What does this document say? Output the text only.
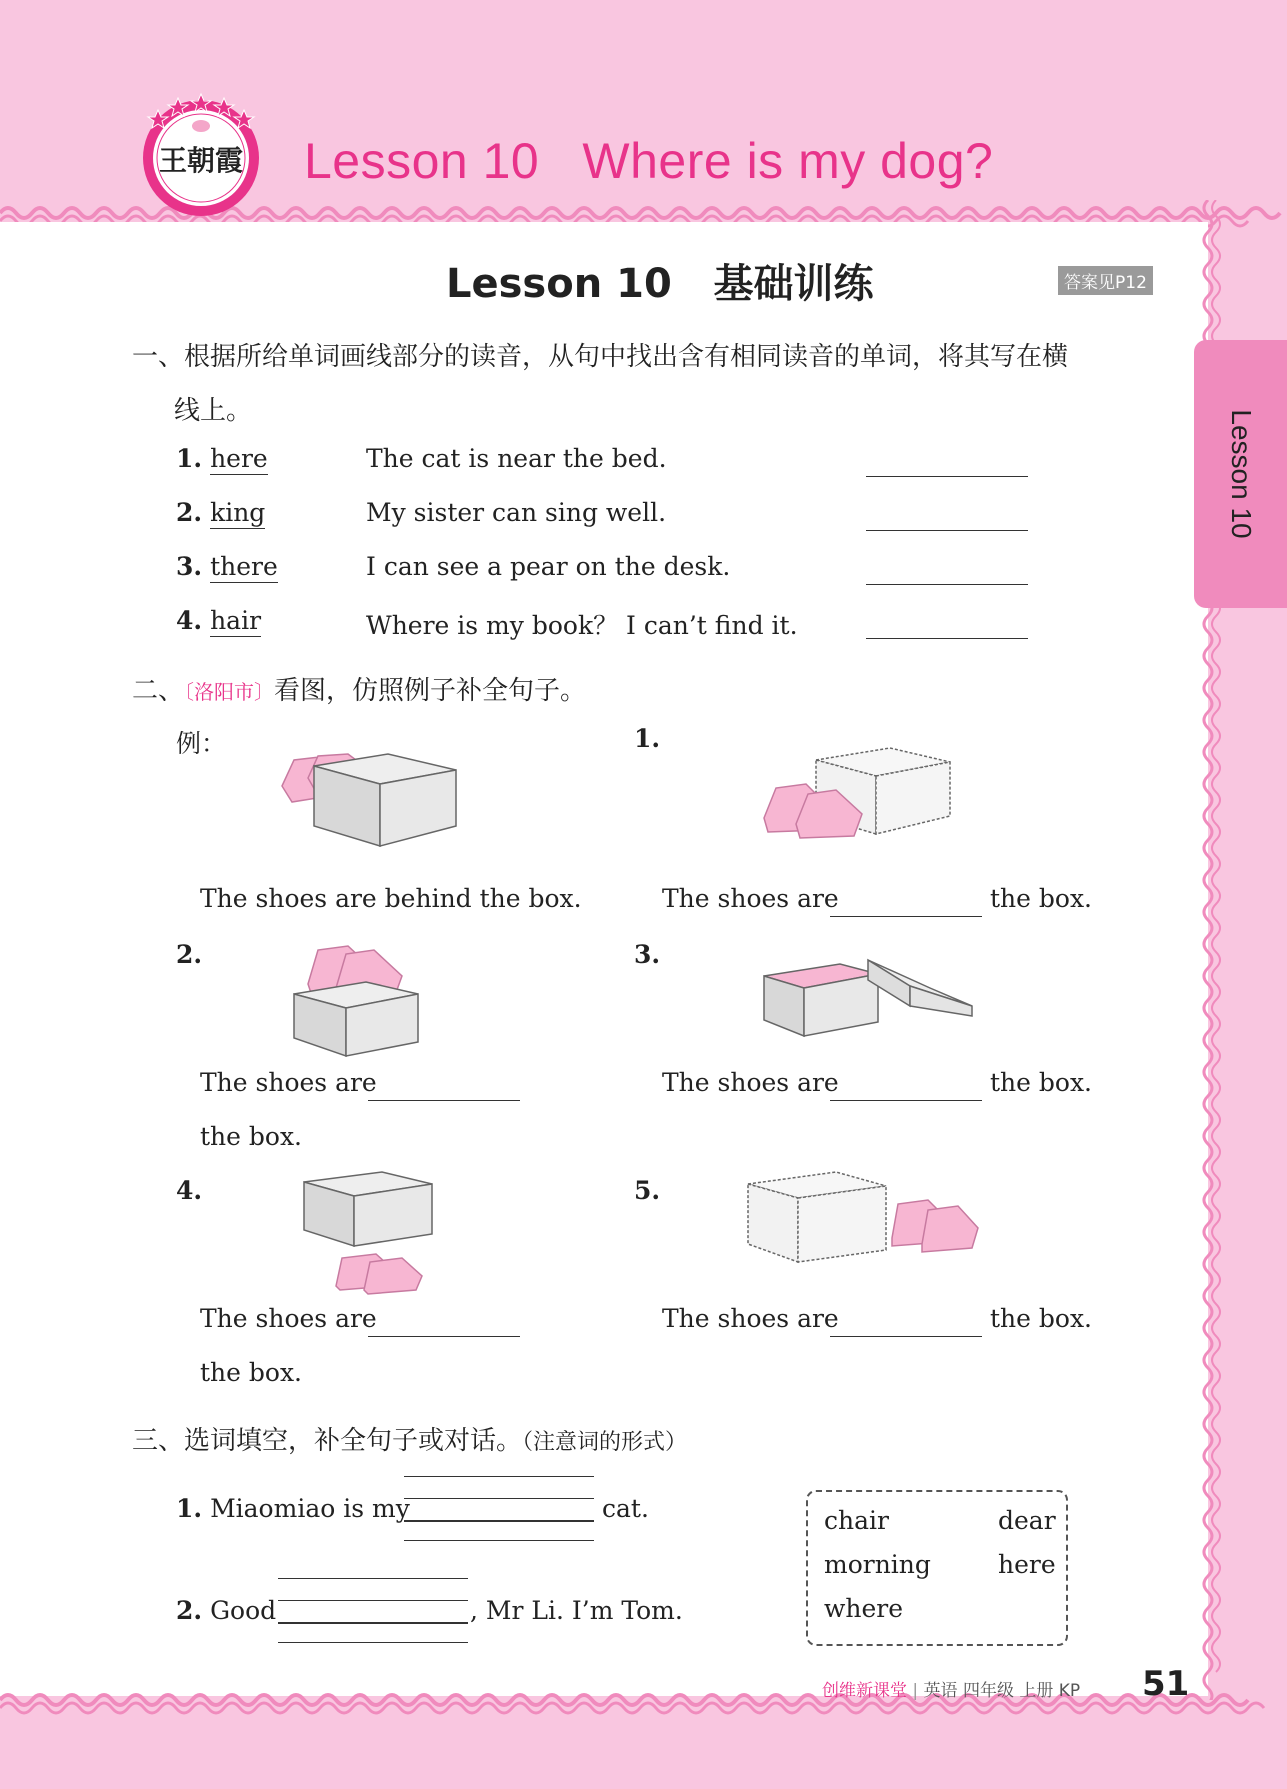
王朝霞 Lesson 10   Where is my dog?
Lesson 10
Lesson 10   基础训练	答案见P12
一、根据所给单词画线部分的读音，从句中找出含有相同读音的单词，将其写在横
线上。
1. here	The cat is near the bed.
2. king	My sister can sing well.
3. there	I can see a pear on the desk.
4. hair	Where is my book？ I can’t find it.
二、〔洛阳市〕看图，仿照例子补全句子。
例：	1.
2.	3.
4.	5.
The shoes are behind the box.	The shoes are	the box.
The shoes are
the box.
The shoes are	the box.
The shoes are
the box.
The shoes are	the box.
三、选词填空，补全句子或对话。（注意词的形式）
1. Miaomiao is my	cat.
2. Good	, Mr Li. I’m Tom.
chair	dear
morning	here
where
创维新课堂 | 英语 四年级 上册 KP 51
